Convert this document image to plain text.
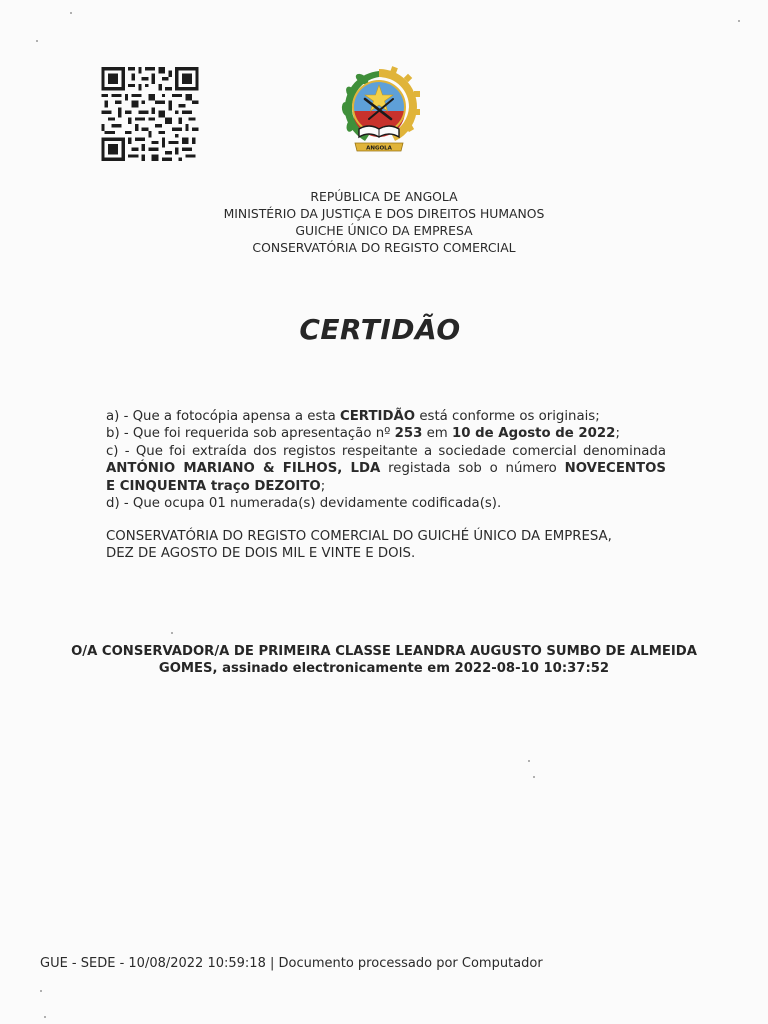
ANGOLA
REPÚBLICA DE ANGOLA
MINISTÉRIO DA JUSTIÇA E DOS DIREITOS HUMANOS
GUICHE ÚNICO DA EMPRESA
CONSERVATÓRIA DO REGISTO COMERCIAL
CERTIDÃO
a) - Que a fotocópia apensa a esta CERTIDÃO está conforme os originais;
b) - Que foi requerida sob apresentação nº 253 em 10 de Agosto de 2022;
c) - Que foi extraída dos registos respeitante a sociedade comercial denominada
ANTÓNIO MARIANO & FILHOS, LDA registada sob o número NOVECENTOS
E CINQUENTA traço DEZOITO;
d) - Que ocupa 01 numerada(s) devidamente codificada(s).
CONSERVATÓRIA DO REGISTO COMERCIAL DO GUICHÉ ÚNICO DA EMPRESA,
DEZ DE AGOSTO DE DOIS MIL E VINTE E DOIS.
O/A CONSERVADOR/A DE PRIMEIRA CLASSE LEANDRA AUGUSTO SUMBO DE ALMEIDA
GOMES, assinado electronicamente em 2022-08-10 10:37:52
GUE - SEDE - 10/08/2022 10:59:18 | Documento processado por Computador
